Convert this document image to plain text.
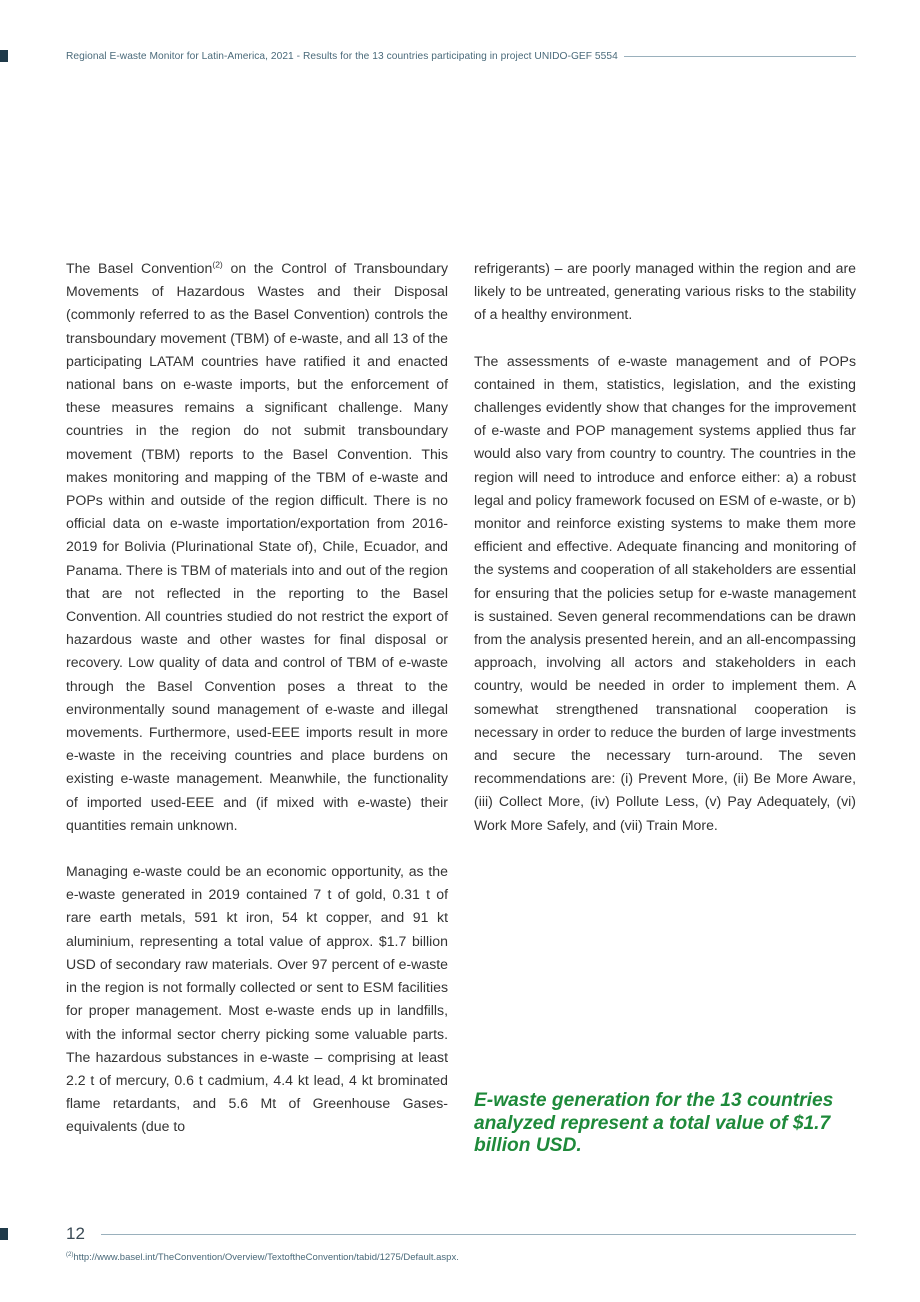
Regional E-waste Monitor for Latin-America, 2021 - Results for the 13 countries participating in project UNIDO-GEF 5554

The Basel Convention$^{(2)}$ on the Control of Transboundary Movements of Hazardous Wastes and their Disposal (commonly referred to as the Basel Convention) controls the transboundary movement (TBM) of e-waste, and all 13 of the participating LATAM countries have ratified it and enacted national bans on e-waste imports, but the enforcement of these measures remains a significant challenge. Many countries in the region do not submit transboundary movement (TBM) reports to the Basel Convention. This makes monitoring and mapping of the TBM of e-waste and POPs within and outside of the region difficult. There is no official data on e-waste importation/exportation from 2016-2019 for Bolivia (Plurinational State of), Chile, Ecuador, and Panama. There is TBM of materials into and out of the region that are not reflected in the reporting to the Basel Convention. All countries studied do not restrict the export of hazardous waste and other wastes for final disposal or recovery. Low quality of data and control of TBM of e-waste through the Basel Convention poses a threat to the environmentally sound management of e-waste and illegal movements. Furthermore, used-EEE imports result in more e-waste in the receiving countries and place burdens on existing e-waste management. Meanwhile, the functionality of imported used-EEE and (if mixed with e-waste) their quantities remain unknown.

Managing e-waste could be an economic opportunity, as the e-waste generated in 2019 contained 7 t of gold, 0.31 t of rare earth metals, 591 kt iron, 54 kt copper, and 91 kt aluminium, representing a total value of approx. $1.7 billion USD of secondary raw materials. Over 97 percent of e-waste in the region is not formally collected or sent to ESM facilities for proper management. Most e-waste ends up in landfills, with the informal sector cherry picking some valuable parts. The hazardous substances in e-waste – comprising at least 2.2 t of mercury, 0.6 t cadmium, 4.4 kt lead, 4 kt brominated flame retardants, and 5.6 Mt of Greenhouse Gases-equivalents (due to

refrigerants) – are poorly managed within the region and are likely to be untreated, generating various risks to the stability of a healthy environment.

The assessments of e-waste management and of POPs contained in them, statistics, legislation, and the existing challenges evidently show that changes for the improvement of e-waste and POP management systems applied thus far would also vary from country to country. The countries in the region will need to introduce and enforce either: a) a robust legal and policy framework focused on ESM of e-waste, or b) monitor and reinforce existing systems to make them more efficient and effective. Adequate financing and monitoring of the systems and cooperation of all stakeholders are essential for ensuring that the policies setup for e-waste management is sustained. Seven general recommendations can be drawn from the analysis presented herein, and an all-encompassing approach, involving all actors and stakeholders in each country, would be needed in order to implement them. A somewhat strengthened transnational cooperation is necessary in order to reduce the burden of large investments and secure the necessary turn-around. The seven recommendations are: (i) Prevent More, (ii) Be More Aware, (iii) Collect More, (iv) Pollute Less, (v) Pay Adequately, (vi) Work More Safely, and (vii) Train More.

E-waste generation for the 13 countries analyzed represent a total value of $1.7 billion USD.

12
$^{(2)}$http://www.basel.int/TheConvention/Overview/TextoftheConvention/tabid/1275/Default.aspx.
